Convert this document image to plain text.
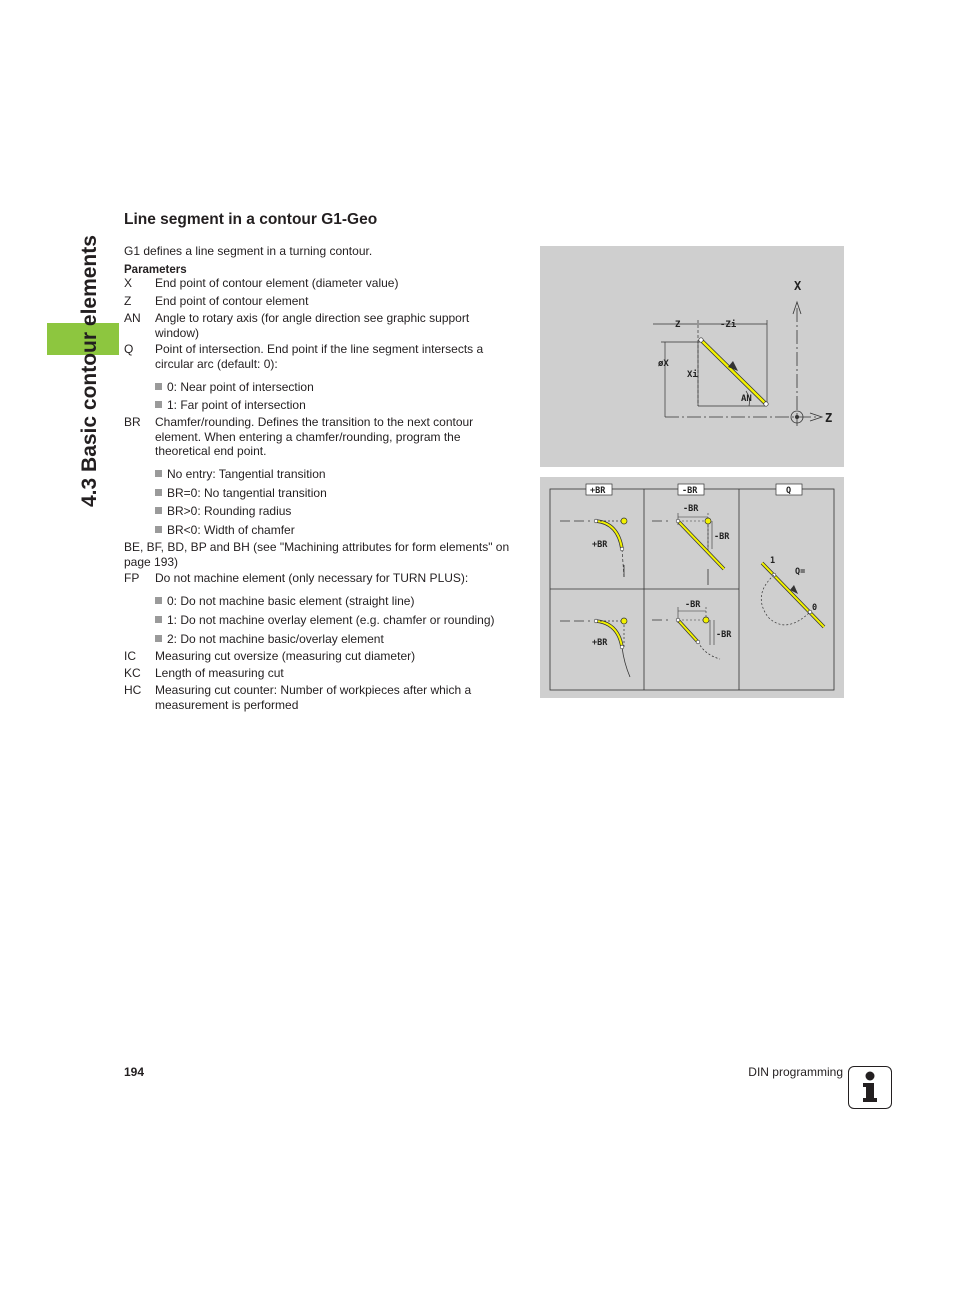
4.3 Basic contour elements
Line segment in a contour G1-Geo
G1 defines a line segment in a turning contour.
Parameters
X End point of contour element (diameter value)
Z End point of contour element
AN Angle to rotary axis (for angle direction see graphic support window)
Q Point of intersection. End point if the line segment intersects a circular arc (default: 0):
0: Near point of intersection
1: Far point of intersection
BR Chamfer/rounding. Defines the transition to the next contour element. When entering a chamfer/rounding, program the theoretical end point.
No entry: Tangential transition
BR=0: No tangential transition
BR>0: Rounding radius
BR<0: Width of chamfer
BE, BF, BD, BP and BH (see "Machining attributes for form elements" on page 193)
FP Do not machine element (only necessary for TURN PLUS):
0: Do not machine basic element (straight line)
1: Do not machine overlay element (e.g. chamfer or rounding)
2: Do not machine basic/overlay element
IC Measuring cut oversize (measuring cut diameter)
KC Length of measuring cut
HC Measuring cut counter: Number of workpieces after which a measurement is performed
X
Z
Z	-Zi
øX
Xi
AN
+BR	-BR	Q
+BR
-BR
-BR
1
Q=
0
+BR
-BR
-BR
194	DIN programming
